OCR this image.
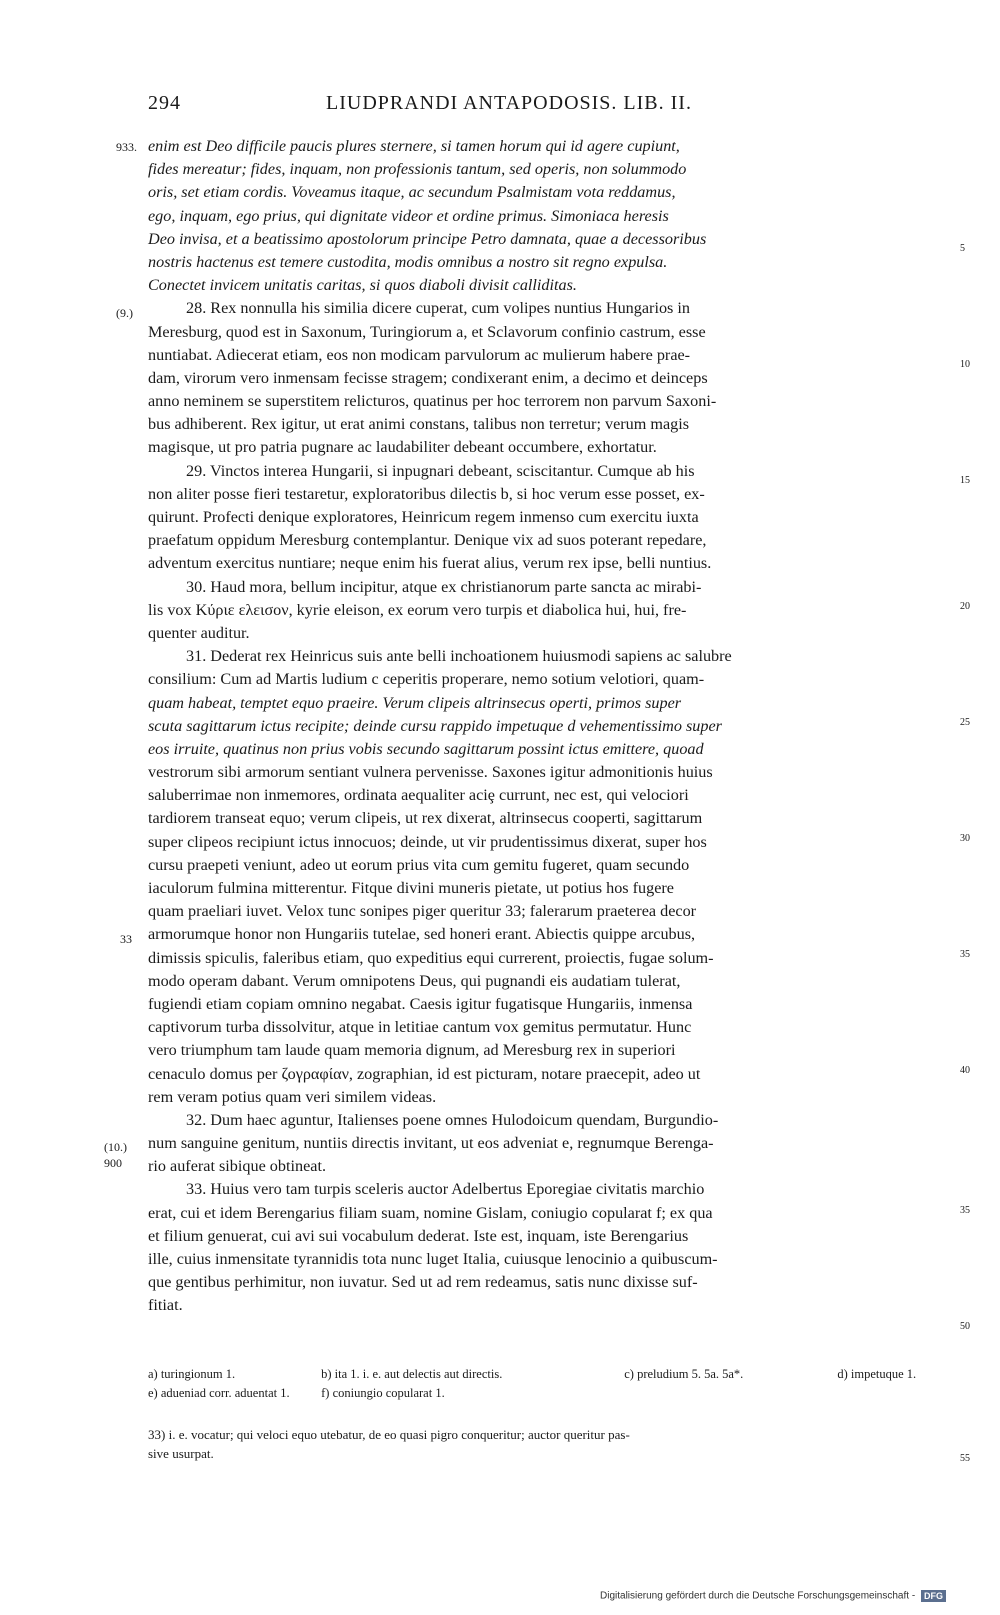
294	LIUDPRANDI ANTAPODOSIS. LIB. II.
933.
(9.)
33
(10.)
900
5
10
15
20
25
30
35
40
35
50
55
enim est Deo difficile paucis plures sternere, si tamen horum qui id agere cupiunt,
fides mereatur; fides, inquam, non professionis tantum, sed operis, non solummodo
oris, set etiam cordis. Voveamus itaque, ac secundum Psalmistam vota reddamus,
ego, inquam, ego prius, qui dignitate videor et ordine primus. Simoniaca heresis
Deo invisa, et a beatissimo apostolorum principe Petro damnata, quae a decessoribus
nostris hactenus est temere custodita, modis omnibus a nostro sit regno expulsa.
Conectet invicem unitatis caritas, si quos diaboli divisit calliditas.
28. Rex nonnulla his similia dicere cuperat, cum volipes nuntius Hungarios in
Meresburg, quod est in Saxonum, Turingiorum a, et Sclavorum confinio castrum, esse
nuntiabat. Adiecerat etiam, eos non modicam parvulorum ac mulierum habere prae-
dam, virorum vero inmensam fecisse stragem; condixerant enim, a decimo et deinceps
anno neminem se superstitem relicturos, quatinus per hoc terrorem non parvum Saxoni-
bus adhiberent. Rex igitur, ut erat animi constans, talibus non terretur; verum magis
magisque, ut pro patria pugnare ac laudabiliter debeant occumbere, exhortatur.
29. Vinctos interea Hungarii, si inpugnari debeant, sciscitantur. Cumque ab his
non aliter posse fieri testaretur, exploratoribus dilectis b, si hoc verum esse posset, ex-
quirunt. Profecti denique exploratores, Heinricum regem inmenso cum exercitu iuxta
praefatum oppidum Meresburg contemplantur. Denique vix ad suos poterant repedare,
adventum exercitus nuntiare; neque enim his fuerat alius, verum rex ipse, belli nuntius.
30. Haud mora, bellum incipitur, atque ex christianorum parte sancta ac mirabi-
lis vox Κύριε ελεισον, kyrie eleison, ex eorum vero turpis et diabolica hui, hui, fre-
quenter auditur.
31. Dederat rex Heinricus suis ante belli inchoationem huiusmodi sapiens ac salubre
consilium: Cum ad Martis ludium c ceperitis properare, nemo sotium velotiori, quam-
quam habeat, temptet equo praeire. Verum clipeis altrinsecus operti, primos super
scuta sagittarum ictus recipite; deinde cursu rappido impetuque d vehementissimo super
eos irruite, quatinus non prius vobis secundo sagittarum possint ictus emittere, quoad
vestrorum sibi armorum sentiant vulnera pervenisse. Saxones igitur admonitionis huius
saluberrimae non inmemores, ordinata aequaliter aciȩ currunt, nec est, qui velociori
tardiorem transeat equo; verum clipeis, ut rex dixerat, altrinsecus cooperti, sagittarum
super clipeos recipiunt ictus innocuos; deinde, ut vir prudentissimus dixerat, super hos
cursu praepeti veniunt, adeo ut eorum prius vita cum gemitu fugeret, quam secundo
iaculorum fulmina mitterentur. Fitque divini muneris pietate, ut potius hos fugere
quam praeliari iuvet. Velox tunc sonipes piger queritur 33; falerarum praeterea decor
armorumque honor non Hungariis tutelae, sed honeri erant. Abiectis quippe arcubus,
dimissis spiculis, faleribus etiam, quo expeditius equi currerent, proiectis, fugae solum-
modo operam dabant. Verum omnipotens Deus, qui pugnandi eis audatiam tulerat,
fugiendi etiam copiam omnino negabat. Caesis igitur fugatisque Hungariis, inmensa
captivorum turba dissolvitur, atque in letitiae cantum vox gemitus permutatur. Hunc
vero triumphum tam laude quam memoria dignum, ad Meresburg rex in superiori
cenaculo domus per ζογραφίαν, zographian, id est picturam, notare praecepit, adeo ut
rem veram potius quam veri similem videas.
32. Dum haec aguntur, Italienses poene omnes Hulodoicum quendam, Burgundio-
num sanguine genitum, nuntiis directis invitant, ut eos adveniat e, regnumque Berenga-
rio auferat sibique obtineat.
33. Huius vero tam turpis sceleris auctor Adelbertus Eporegiae civitatis marchio
erat, cui et idem Berengarius filiam suam, nomine Gislam, coniugio copularat f; ex qua
et filium genuerat, cui avi sui vocabulum dederat. Iste est, inquam, iste Berengarius
ille, cuius inmensitate tyrannidis tota nunc luget Italia, cuiusque lenocinio a quibuscum-
que gentibus perhimitur, non iuvatur. Sed ut ad rem redeamus, satis nunc dixisse suf-
fitiat.
a) turingionum 1.	b) ita 1. i. e. aut delectis aut directis.	c) preludium 5. 5a. 5a*.	d) impetuque 1.
e) adueniad corr. aduentat 1.	f) coniungio copularat 1.
33) i. e. vocatur; qui veloci equo utebatur, de eo quasi pigro conqueritur; auctor queritur pas-
sive usurpat.
Digitalisierung gefördert durch die Deutsche Forschungsgemeinschaft - DFG
